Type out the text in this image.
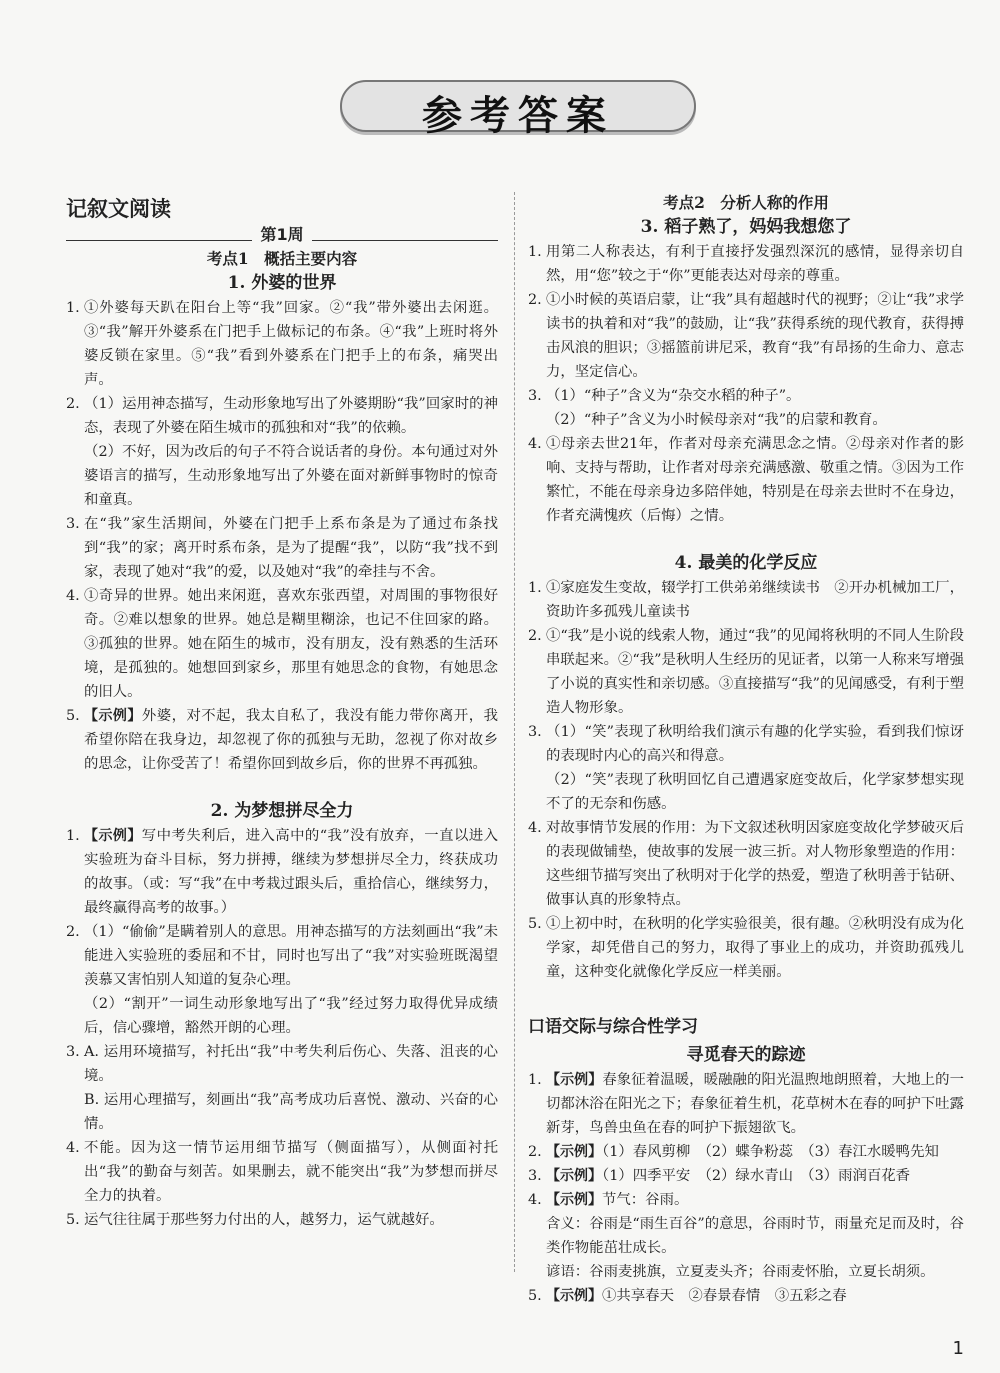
参考答案
记叙文阅读
第1周
考点1　概括主要内容
1. 外婆的世界
1. ①外婆每天趴在阳台上等“我”回家。②“我”带外婆出去闲逛。③“我”解开外婆系在门把手上做标记的布条。④“我”上班时将外婆反锁在家里。⑤“我”看到外婆系在门把手上的布条，痛哭出声。
2. （1）运用神态描写，生动形象地写出了外婆期盼“我”回家时的神态，表现了外婆在陌生城市的孤独和对“我”的依赖。
（2）不好，因为改后的句子不符合说话者的身份。本句通过对外婆语言的描写，生动形象地写出了外婆在面对新鲜事物时的惊奇和童真。
3. 在“我”家生活期间，外婆在门把手上系布条是为了通过布条找到“我”的家；离开时系布条，是为了提醒“我”，以防“我”找不到家，表现了她对“我”的爱，以及她对“我”的牵挂与不舍。
4. ①奇异的世界。她出来闲逛，喜欢东张西望，对周围的事物很好奇。②难以想象的世界。她总是糊里糊涂，也记不住回家的路。③孤独的世界。她在陌生的城市，没有朋友，没有熟悉的生活环境，是孤独的。她想回到家乡，那里有她思念的食物，有她思念的旧人。
5. 【示例】外婆，对不起，我太自私了，我没有能力带你离开，我希望你陪在我身边，却忽视了你的孤独与无助，忽视了你对故乡的思念，让你受苦了！希望你回到故乡后，你的世界不再孤独。
2. 为梦想拼尽全力
1. 【示例】写中考失利后，进入高中的“我”没有放弃，一直以进入实验班为奋斗目标，努力拼搏，继续为梦想拼尽全力，终获成功的故事。（或：写“我”在中考栽过跟头后，重拾信心，继续努力，最终赢得高考的故事。）
2. （1）“偷偷”是瞒着别人的意思。用神态描写的方法刻画出“我”未能进入实验班的委屈和不甘，同时也写出了“我”对实验班既渴望羡慕又害怕别人知道的复杂心理。
（2）“割开”一词生动形象地写出了“我”经过努力取得优异成绩后，信心骤增，豁然开朗的心理。
3. A. 运用环境描写，衬托出“我”中考失利后伤心、失落、沮丧的心境。
B. 运用心理描写，刻画出“我”高考成功后喜悦、激动、兴奋的心情。
4. 不能。因为这一情节运用细节描写（侧面描写），从侧面衬托出“我”的勤奋与刻苦。如果删去，就不能突出“我”为梦想而拼尽全力的执着。
5. 运气往往属于那些努力付出的人，越努力，运气就越好。
考点2　分析人称的作用
3. 稻子熟了，妈妈我想您了
1. 用第二人称表达，有利于直接抒发强烈深沉的感情，显得亲切自然，用“您”较之于“你”更能表达对母亲的尊重。
2. ①小时候的英语启蒙，让“我”具有超越时代的视野；②让“我”求学读书的执着和对“我”的鼓励，让“我”获得系统的现代教育，获得搏击风浪的胆识；③摇篮前讲尼采，教育“我”有昂扬的生命力、意志力，坚定信心。
3. （1）“种子”含义为“杂交水稻的种子”。
（2）“种子”含义为小时候母亲对“我”的启蒙和教育。
4. ①母亲去世21年，作者对母亲充满思念之情。②母亲对作者的影响、支持与帮助，让作者对母亲充满感激、敬重之情。③因为工作繁忙，不能在母亲身边多陪伴她，特别是在母亲去世时不在身边，作者充满愧疚（后悔）之情。
4. 最美的化学反应
1. ①家庭发生变故，辍学打工供弟弟继续读书　②开办机械加工厂，资助许多孤残儿童读书
2. ①“我”是小说的线索人物，通过“我”的见闻将秋明的不同人生阶段串联起来。②“我”是秋明人生经历的见证者，以第一人称来写增强了小说的真实性和亲切感。③直接描写“我”的见闻感受，有利于塑造人物形象。
3. （1）“笑”表现了秋明给我们演示有趣的化学实验，看到我们惊讶的表现时内心的高兴和得意。
（2）“笑”表现了秋明回忆自己遭遇家庭变故后，化学家梦想实现不了的无奈和伤感。
4. 对故事情节发展的作用：为下文叙述秋明因家庭变故化学梦破灭后的表现做铺垫，使故事的发展一波三折。对人物形象塑造的作用：这些细节描写突出了秋明对于化学的热爱，塑造了秋明善于钻研、做事认真的形象特点。
5. ①上初中时，在秋明的化学实验很美，很有趣。②秋明没有成为化学家，却凭借自己的努力，取得了事业上的成功，并资助孤残儿童，这种变化就像化学反应一样美丽。
口语交际与综合性学习
寻觅春天的踪迹
1. 【示例】春象征着温暖，暖融融的阳光温煦地朗照着，大地上的一切都沐浴在阳光之下；春象征着生机，花草树木在春的呵护下吐露新芽，鸟兽虫鱼在春的呵护下振翅欲飞。
2. 【示例】（1）春风剪柳　（2）蝶争粉蕊　（3）春江水暖鸭先知
3. 【示例】（1）四季平安　（2）绿水青山　（3）雨润百花香
4. 【示例】节气：谷雨。
含义：谷雨是“雨生百谷”的意思，谷雨时节，雨量充足而及时，谷类作物能茁壮成长。
谚语：谷雨麦挑旗，立夏麦头齐；谷雨麦怀胎，立夏长胡须。
5. 【示例】①共享春天　②春景春情　③五彩之春
1
